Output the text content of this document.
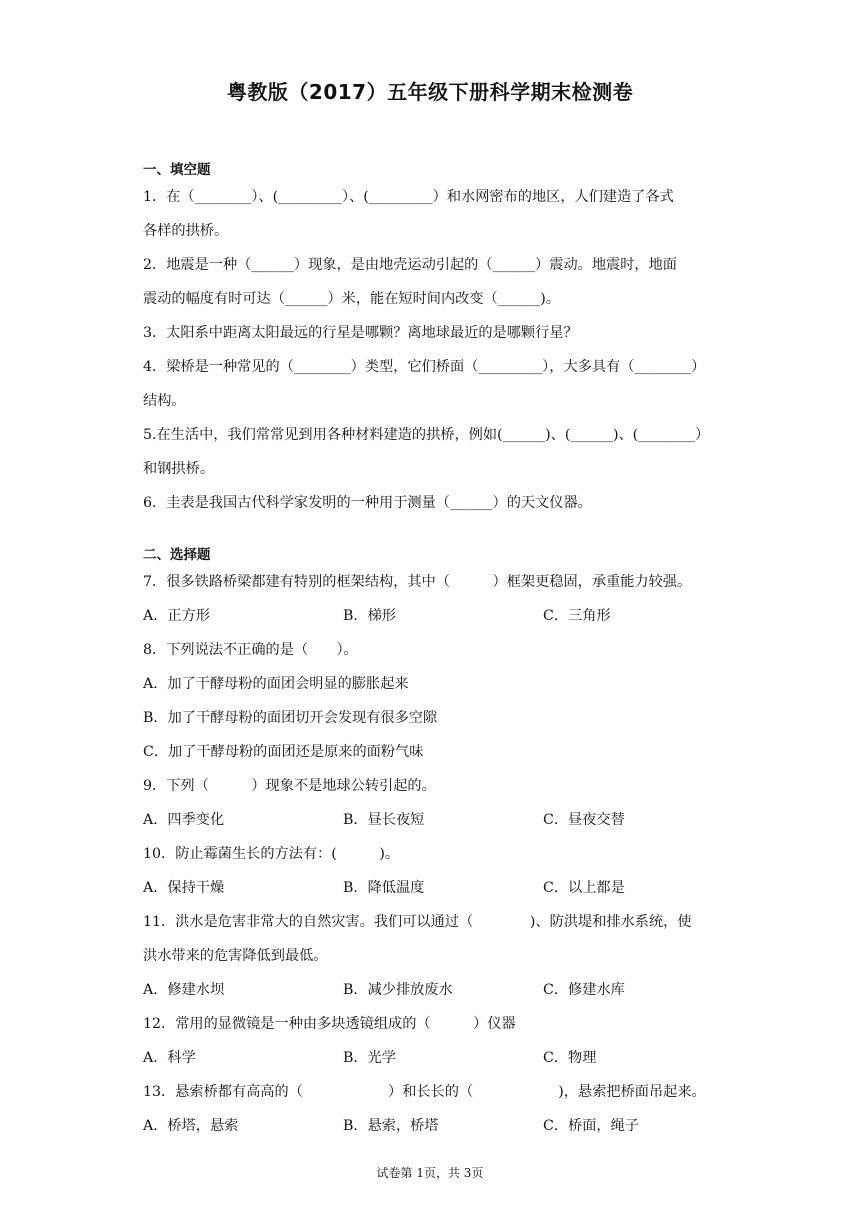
粤教版（2017）五年级下册科学期末检测卷
一、填空题
1．在（________）、(_________）、(_________）和水网密布的地区，人们建造了各式
各样的拱桥。
2．地震是一种（______）现象，是由地壳运动引起的（______）震动。地震时，地面
震动的幅度有时可达（______）米，能在短时间内改变（______)。
3．太阳系中距离太阳最远的行星是哪颗？离地球最近的是哪颗行星？
4．梁桥是一种常见的（________）类型，它们桥面（_________），大多具有（________）
结构。
5.在生活中，我们常常见到用各种材料建造的拱桥，例如(______)、(______)、(________）
和钢拱桥。
6．圭表是我国古代科学家发明的一种用于测量（______）的天文仪器。
二、选择题
7．很多铁路桥梁都建有特别的框架结构，其中（　　　）框架更稳固，承重能力较强。
A．正方形	B．梯形	C．三角形
8．下列说法不正确的是（　　）。
A．加了干酵母粉的面团会明显的膨胀起来
B．加了干酵母粉的面团切开会发现有很多空隙
C．加了干酵母粉的面团还是原来的面粉气味
9．下列（　　　）现象不是地球公转引起的。
A．四季变化	B．昼长夜短	C．昼夜交替
10．防止霉菌生长的方法有：(　　　)。
A．保持干燥	B．降低温度	C．以上都是
11．洪水是危害非常大的自然灾害。我们可以通过（　　　　)、防洪堤和排水系统，使
洪水带来的危害降低到最低。
A．修建水坝	B．减少排放废水	C．修建水库
12．常用的显微镜是一种由多块透镜组成的（　　　）仪器
A．科学	B．光学	C．物理
13．悬索桥都有高高的（　　　　　　）和长长的（　　　　　　)，悬索把桥面吊起来。
A．桥塔，悬索	B．悬索，桥塔	C．桥面，绳子
试卷第 1页，共 3页
